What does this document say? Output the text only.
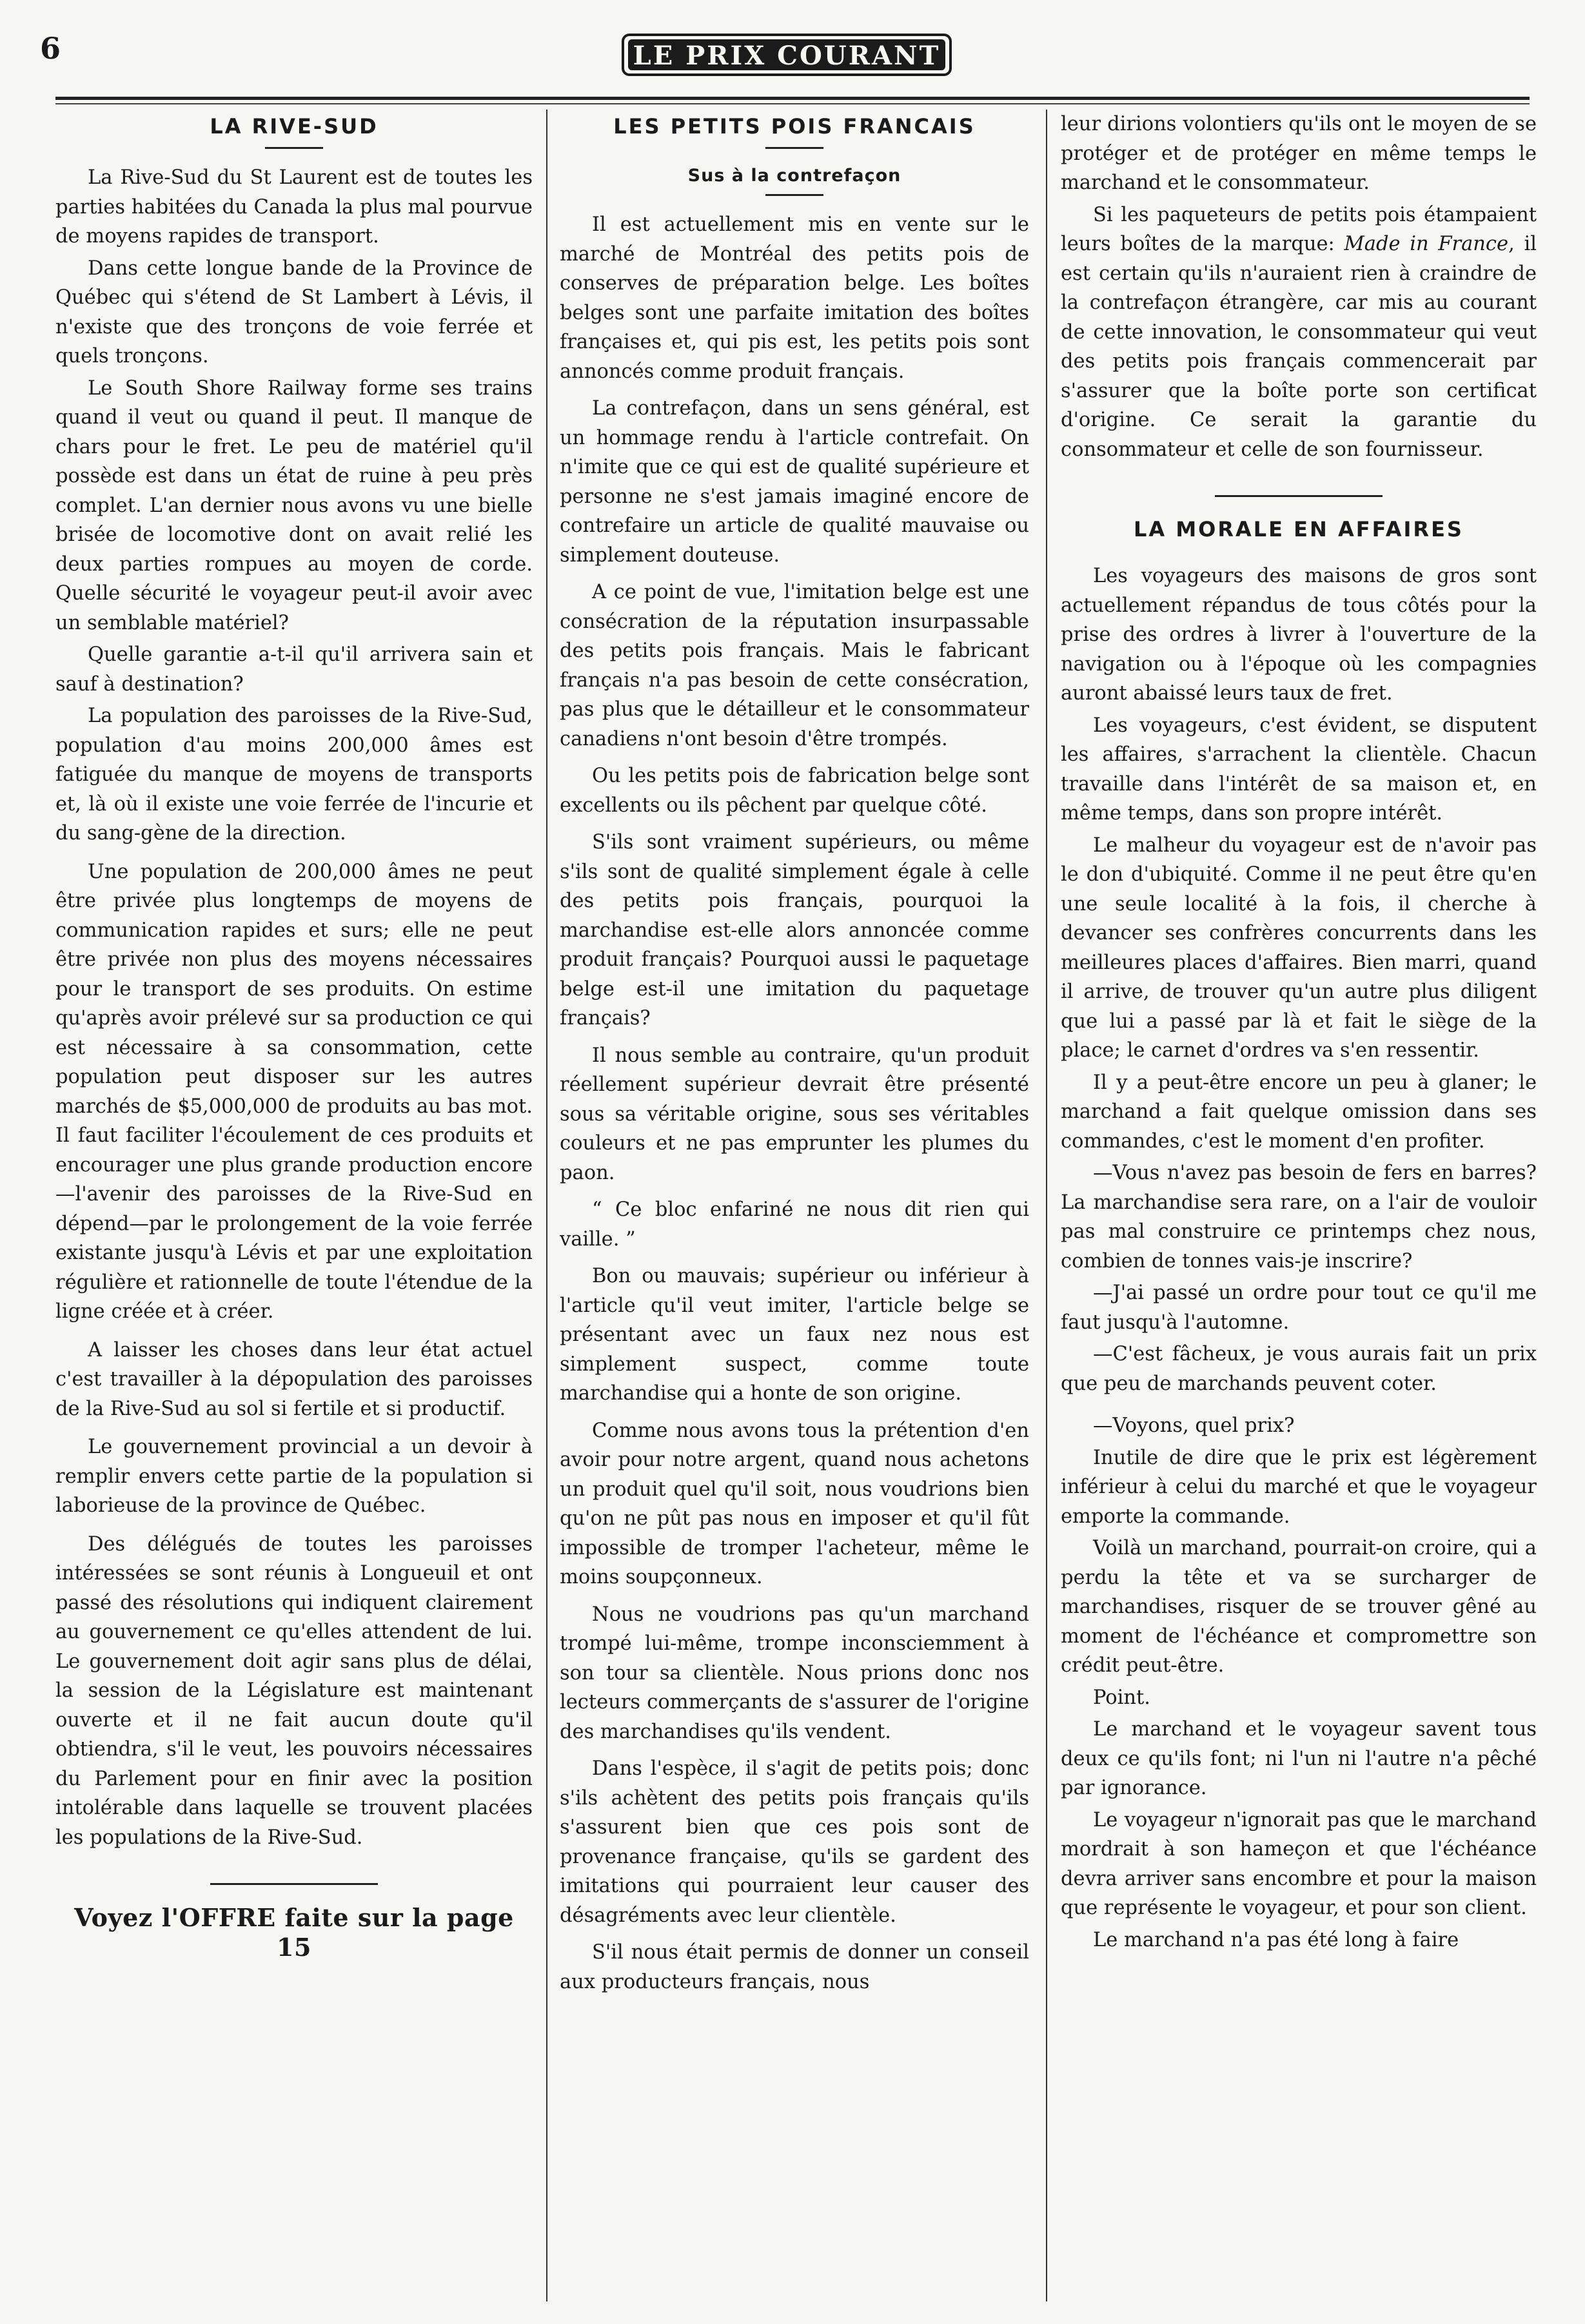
6	LE PRIX COURANT
LA RIVE-SUD

La Rive-Sud du St Laurent est de toutes les parties habitées du Canada la plus mal pourvue de moyens rapides de transport.

Dans cette longue bande de la Province de Québec qui s'étend de St Lambert à Lévis, il n'existe que des tronçons de voie ferrée et quels tronçons.

Le South Shore Railway forme ses trains quand il veut ou quand il peut. Il manque de chars pour le fret. Le peu de matériel qu'il possède est dans un état de ruine à peu près complet. L'an dernier nous avons vu une bielle brisée de locomotive dont on avait relié les deux parties rompues au moyen de corde. Quelle sécurité le voyageur peut-il avoir avec un semblable matériel?

Quelle garantie a-t-il qu'il arrivera sain et sauf à destination?

La population des paroisses de la Rive-Sud, population d'au moins 200,000 âmes est fatiguée du manque de moyens de transports et, là où il existe une voie ferrée de l'incurie et du sang-gène de la direction.

Une population de 200,000 âmes ne peut être privée plus longtemps de moyens de communication rapides et surs; elle ne peut être privée non plus des moyens nécessaires pour le transport de ses produits. On estime qu'après avoir prélevé sur sa production ce qui est nécessaire à sa consommation, cette population peut disposer sur les autres marchés de $5,000,000 de produits au bas mot. Il faut faciliter l'écoulement de ces produits et encourager une plus grande production encore—l'avenir des paroisses de la Rive-Sud en dépend—par le prolongement de la voie ferrée existante jusqu'à Lévis et par une exploitation régulière et rationnelle de toute l'étendue de la ligne créée et à créer.

A laisser les choses dans leur état actuel c'est travailler à la dépopulation des paroisses de la Rive-Sud au sol si fertile et si productif.

Le gouvernement provincial a un devoir à remplir envers cette partie de la population si laborieuse de la province de Québec.

Des délégués de toutes les paroisses intéressées se sont réunis à Longueuil et ont passé des résolutions qui indiquent clairement au gouvernement ce qu'elles attendent de lui. Le gouvernement doit agir sans plus de délai, la session de la Législature est maintenant ouverte et il ne fait aucun doute qu'il obtiendra, s'il le veut, les pouvoirs nécessaires du Parlement pour en finir avec la position intolérable dans laquelle se trouvent placées les populations de la Rive-Sud.

Voyez l'OFFRE faite sur la page 15

LES PETITS POIS FRANCAIS
Sus à la contrefaçon

Il est actuellement mis en vente sur le marché de Montréal des petits pois de conserves de préparation belge. Les boîtes belges sont une parfaite imitation des boîtes françaises et, qui pis est, les petits pois sont annoncés comme produit français.

La contrefaçon, dans un sens général, est un hommage rendu à l'article contrefait. On n'imite que ce qui est de qualité supérieure et personne ne s'est jamais imaginé encore de contrefaire un article de qualité mauvaise ou simplement douteuse.

A ce point de vue, l'imitation belge est une consécration de la réputation insurpassable des petits pois français. Mais le fabricant français n'a pas besoin de cette consécration, pas plus que le détailleur et le consommateur canadiens n'ont besoin d'être trompés.

Ou les petits pois de fabrication belge sont excellents ou ils pêchent par quelque côté.

S'ils sont vraiment supérieurs, ou même s'ils sont de qualité simplement égale à celle des petits pois français, pourquoi la marchandise est-elle alors annoncée comme produit français? Pourquoi aussi le paquetage belge est-il une imitation du paquetage français?

Il nous semble au contraire, qu'un produit réellement supérieur devrait être présenté sous sa véritable origine, sous ses véritables couleurs et ne pas emprunter les plumes du paon.

“ Ce bloc enfariné ne nous dit rien qui vaille. ”

Bon ou mauvais; supérieur ou inférieur à l'article qu'il veut imiter, l'article belge se présentant avec un faux nez nous est simplement suspect, comme toute marchandise qui a honte de son origine.

Comme nous avons tous la prétention d'en avoir pour notre argent, quand nous achetons un produit quel qu'il soit, nous voudrions bien qu'on ne pût pas nous en imposer et qu'il fût impossible de tromper l'acheteur, même le moins soupçonneux.

Nous ne voudrions pas qu'un marchand trompé lui-même, trompe inconsciemment à son tour sa clientèle. Nous prions donc nos lecteurs commerçants de s'assurer de l'origine des marchandises qu'ils vendent.

Dans l'espèce, il s'agit de petits pois; donc s'ils achètent des petits pois français qu'ils s'assurent bien que ces pois sont de provenance française, qu'ils se gardent des imitations qui pourraient leur causer des désagréments avec leur clientèle.

S'il nous était permis de donner un conseil aux producteurs français, nous

leur dirions volontiers qu'ils ont le moyen de se protéger et de protéger en même temps le marchand et le consommateur.

Si les paqueteurs de petits pois étampaient leurs boîtes de la marque: Made in France, il est certain qu'ils n'auraient rien à craindre de la contrefaçon étrangère, car mis au courant de cette innovation, le consommateur qui veut des petits pois français commencerait par s'assurer que la boîte porte son certificat d'origine. Ce serait la garantie du consommateur et celle de son fournisseur.

LA MORALE EN AFFAIRES

Les voyageurs des maisons de gros sont actuellement répandus de tous côtés pour la prise des ordres à livrer à l'ouverture de la navigation ou à l'époque où les compagnies auront abaissé leurs taux de fret.

Les voyageurs, c'est évident, se disputent les affaires, s'arrachent la clientèle. Chacun travaille dans l'intérêt de sa maison et, en même temps, dans son propre intérêt.

Le malheur du voyageur est de n'avoir pas le don d'ubiquité. Comme il ne peut être qu'en une seule localité à la fois, il cherche à devancer ses confrères concurrents dans les meilleures places d'affaires. Bien marri, quand il arrive, de trouver qu'un autre plus diligent que lui a passé par là et fait le siège de la place; le carnet d'ordres va s'en ressentir.

Il y a peut-être encore un peu à glaner; le marchand a fait quelque omission dans ses commandes, c'est le moment d'en profiter.

—Vous n'avez pas besoin de fers en barres? La marchandise sera rare, on a l'air de vouloir pas mal construire ce printemps chez nous, combien de tonnes vais-je inscrire?

—J'ai passé un ordre pour tout ce qu'il me faut jusqu'à l'automne.

—C'est fâcheux, je vous aurais fait un prix que peu de marchands peuvent coter.

—Voyons, quel prix?

Inutile de dire que le prix est légèrement inférieur à celui du marché et que le voyageur emporte la commande.

Voilà un marchand, pourrait-on croire, qui a perdu la tête et va se surcharger de marchandises, risquer de se trouver gêné au moment de l'échéance et compromettre son crédit peut-être.

Point.

Le marchand et le voyageur savent tous deux ce qu'ils font; ni l'un ni l'autre n'a pêché par ignorance.

Le voyageur n'ignorait pas que le marchand mordrait à son hameçon et que l'échéance devra arriver sans encombre et pour la maison que représente le voyageur, et pour son client.

Le marchand n'a pas été long à faire
